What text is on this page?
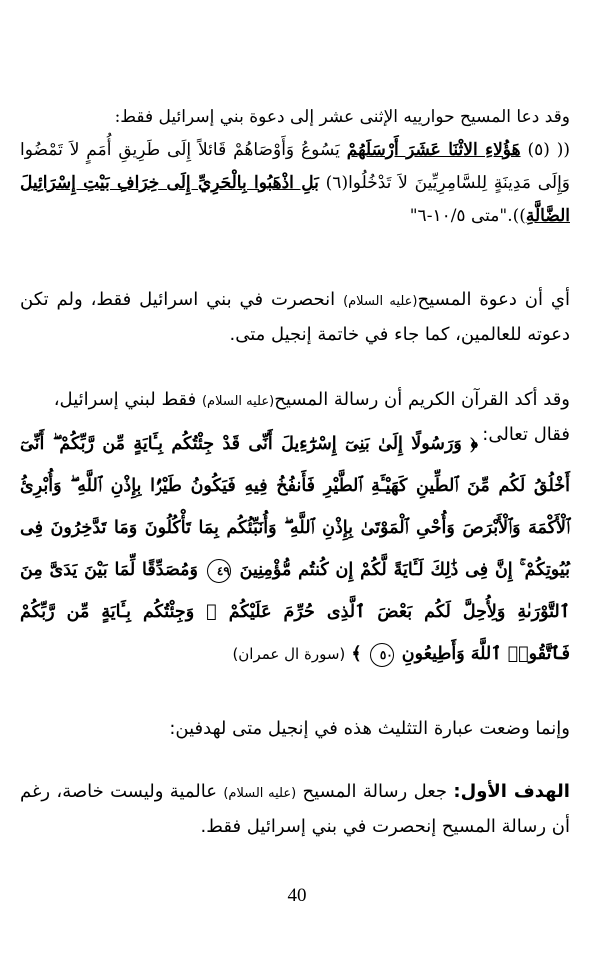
وقد دعا المسيح حوارييه الإثنى عشر إلى دعوة بني إسرائيل فقط:
(( (٥) هَؤُلاءِ الاثْنَا عَشَرَ أَرْسَلَهُمْ يَسُوعُ وَأَوْصَاهُمْ قَائلاً إِلَى طَرِيقِ أُمَمٍ لاَ تَمْضُوا وَإِلَى مَدِينَةٍ لِلسَّامِرِيِّينَ لاَ تَدْخُلُوا(٦) بَلِ اذْهَبُوا بِالْحَرِيِّ إِلَى خِرَافِ بَيْتِ إِسْرَائِيلَ الضَّالَّةِ))."متى ١٠/٥-٦"
أي أن دعوة المسيح(عليه السلام) انحصرت في بني اسرائيل فقط، ولم تكن دعوته للعالمين، كما جاء في خاتمة إنجيل متى.
وقد أكد القرآن الكريم أن رسالة المسيح(عليه السلام) فقط لبني إسرائيل،
فقال تعالى:
﴿ وَرَسُولًا إِلَىٰ بَنِىٓ إِسْرَٰٓءِيلَ أَنِّى قَدْ جِئْتُكُم بِـَٔايَةٍ مِّن رَّبِّكُمْ ۖ أَنِّىٓ أَخْلُقُ لَكُم مِّنَ ٱلطِّينِ كَهَيْـَٔةِ ٱلطَّيْرِ فَأَنفُخُ فِيهِ فَيَكُونُ طَيْرًۢا بِإِذْنِ ٱللَّهِ ۖ وَأُبْرِئُ ٱلْأَكْمَهَ وَٱلْأَبْرَصَ وَأُحْىِ ٱلْمَوْتَىٰ بِإِذْنِ ٱللَّهِ ۖ وَأُنَبِّئُكُم بِمَا تَأْكُلُونَ وَمَا تَدَّخِرُونَ فِى بُيُوتِكُمْ ۚ إِنَّ فِى ذَٰلِكَ لَـَٔايَةً لَّكُمْ إِن كُنتُم مُّؤْمِنِينَ ٤٩ وَمُصَدِّقًا لِّمَا بَيْنَ يَدَىَّ مِنَ ٱلتَّوْرَىٰةِ وَلِأُحِلَّ لَكُم بَعْضَ ٱلَّذِى حُرِّمَ عَلَيْكُمْ ۚ وَجِئْتُكُم بِـَٔايَةٍ مِّن رَّبِّكُمْ فَٱتَّقُوا۟ ٱللَّهَ وَأَطِيعُونِ ٥٠ ﴾ (سورة ال عمران)
وإنما وضعت عبارة التثليث هذه في إنجيل متى لهدفين:
الهدف الأول: جعل رسالة المسيح (عليه السلام) عالمية وليست خاصة، رغم أن رسالة المسيح إنحصرت في بني إسرائيل فقط.
40
